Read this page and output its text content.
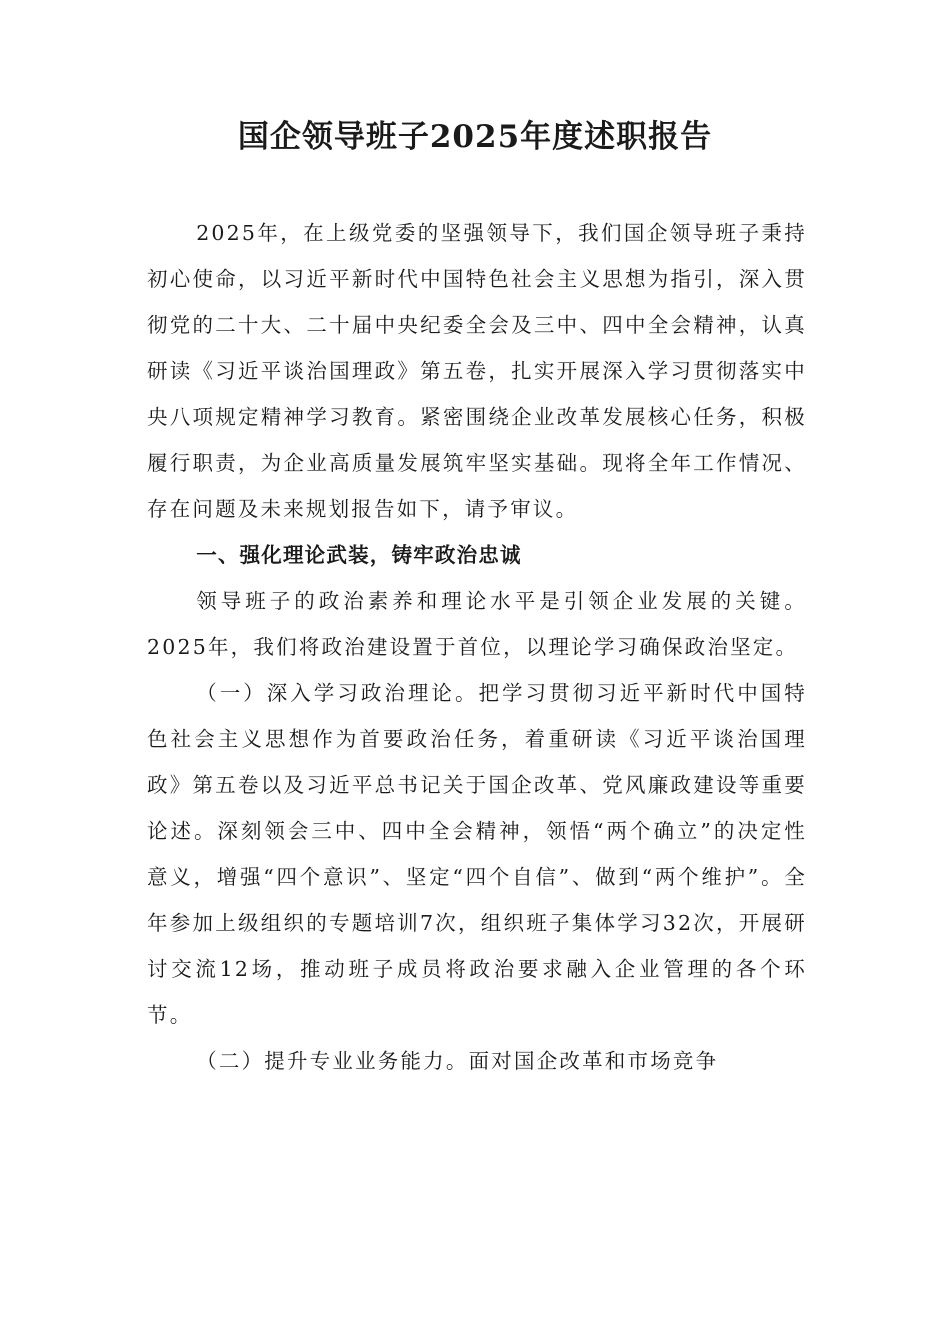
国企领导班子2025年度述职报告

2025年，在上级党委的坚强领导下，我们国企领导班子秉持初心使命，以习近平新时代中国特色社会主义思想为指引，深入贯彻党的二十大、二十届中央纪委全会及三中、四中全会精神，认真研读《习近平谈治国理政》第五卷，扎实开展深入学习贯彻落实中央八项规定精神学习教育。紧密围绕企业改革发展核心任务，积极履行职责，为企业高质量发展筑牢坚实基础。现将全年工作情况、存在问题及未来规划报告如下，请予审议。

一、强化理论武装，铸牢政治忠诚

领导班子的政治素养和理论水平是引领企业发展的关键。2025年，我们将政治建设置于首位，以理论学习确保政治坚定。

（一）深入学习政治理论。把学习贯彻习近平新时代中国特色社会主义思想作为首要政治任务，着重研读《习近平谈治国理政》第五卷以及习近平总书记关于国企改革、党风廉政建设等重要论述。深刻领会三中、四中全会精神，领悟“两个确立”的决定性意义，增强“四个意识”、坚定“四个自信”、做到“两个维护”。全年参加上级组织的专题培训7次，组织班子集体学习32次，开展研讨交流12场，推动班子成员将政治要求融入企业管理的各个环节。

（二）提升专业业务能力。面对国企改革和市场竞争
